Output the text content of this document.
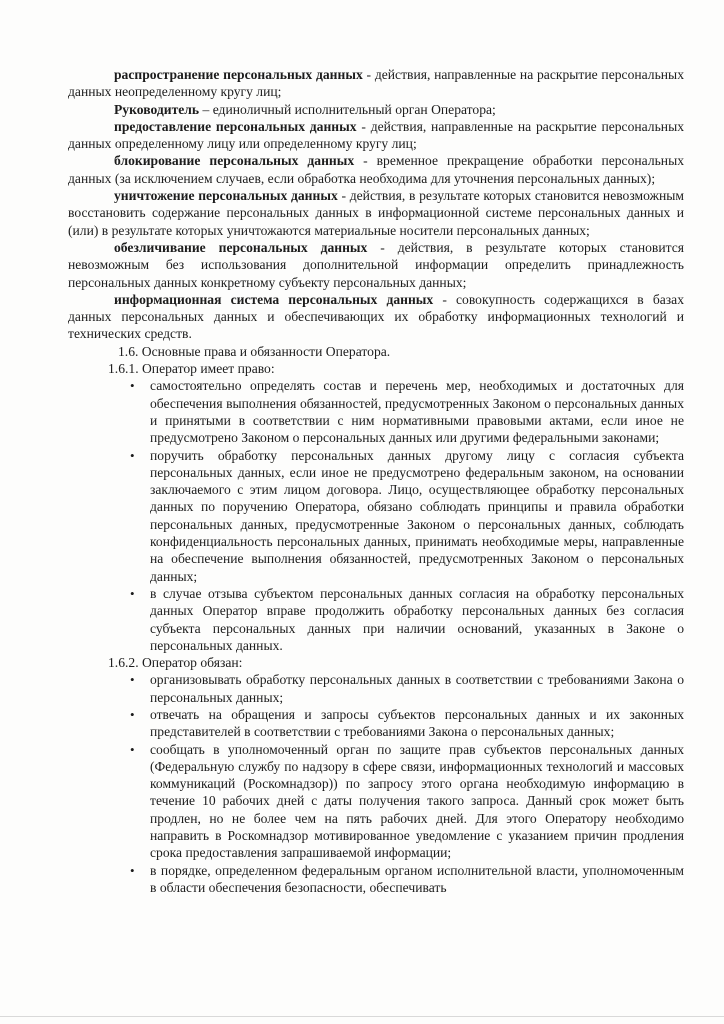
распространение персональных данных - действия, направленные на раскрытие персональных данных неопределенному кругу лиц;

Руководитель – единоличный исполнительный орган Оператора;

предоставление персональных данных - действия, направленные на раскрытие персональных данных определенному лицу или определенному кругу лиц;

блокирование персональных данных - временное прекращение обработки персональных данных (за исключением случаев, если обработка необходима для уточнения персональных данных);

уничтожение персональных данных - действия, в результате которых становится невозможным восстановить содержание персональных данных в информационной системе персональных данных и (или) в результате которых уничтожаются материальные носители персональных данных;

обезличивание персональных данных - действия, в результате которых становится невозможным без использования дополнительной информации определить принадлежность персональных данных конкретному субъекту персональных данных;

информационная система персональных данных - совокупность содержащихся в базах данных персональных данных и обеспечивающих их обработку информационных технологий и технических средств.

1.6. Основные права и обязанности Оператора.

1.6.1. Оператор имеет право:

• самостоятельно определять состав и перечень мер, необходимых и достаточных для обеспечения выполнения обязанностей, предусмотренных Законом о персональных данных и принятыми в соответствии с ним нормативными правовыми актами, если иное не предусмотрено Законом о персональных данных или другими федеральными законами;
• поручить обработку персональных данных другому лицу с согласия субъекта персональных данных, если иное не предусмотрено федеральным законом, на основании заключаемого с этим лицом договора. Лицо, осуществляющее обработку персональных данных по поручению Оператора, обязано соблюдать принципы и правила обработки персональных данных, предусмотренные Законом о персональных данных, соблюдать конфиденциальность персональных данных, принимать необходимые меры, направленные на обеспечение выполнения обязанностей, предусмотренных Законом о персональных данных;
• в случае отзыва субъектом персональных данных согласия на обработку персональных данных Оператор вправе продолжить обработку персональных данных без согласия субъекта персональных данных при наличии оснований, указанных в Законе о персональных данных.

1.6.2. Оператор обязан:

• организовывать обработку персональных данных в соответствии с требованиями Закона о персональных данных;
• отвечать на обращения и запросы субъектов персональных данных и их законных представителей в соответствии с требованиями Закона о персональных данных;
• сообщать в уполномоченный орган по защите прав субъектов персональных данных (Федеральную службу по надзору в сфере связи, информационных технологий и массовых коммуникаций (Роскомнадзор)) по запросу этого органа необходимую информацию в течение 10 рабочих дней с даты получения такого запроса. Данный срок может быть продлен, но не более чем на пять рабочих дней. Для этого Оператору необходимо направить в Роскомнадзор мотивированное уведомление с указанием причин продления срока предоставления запрашиваемой информации;
• в порядке, определенном федеральным органом исполнительной власти, уполномоченным в области обеспечения безопасности, обеспечивать
